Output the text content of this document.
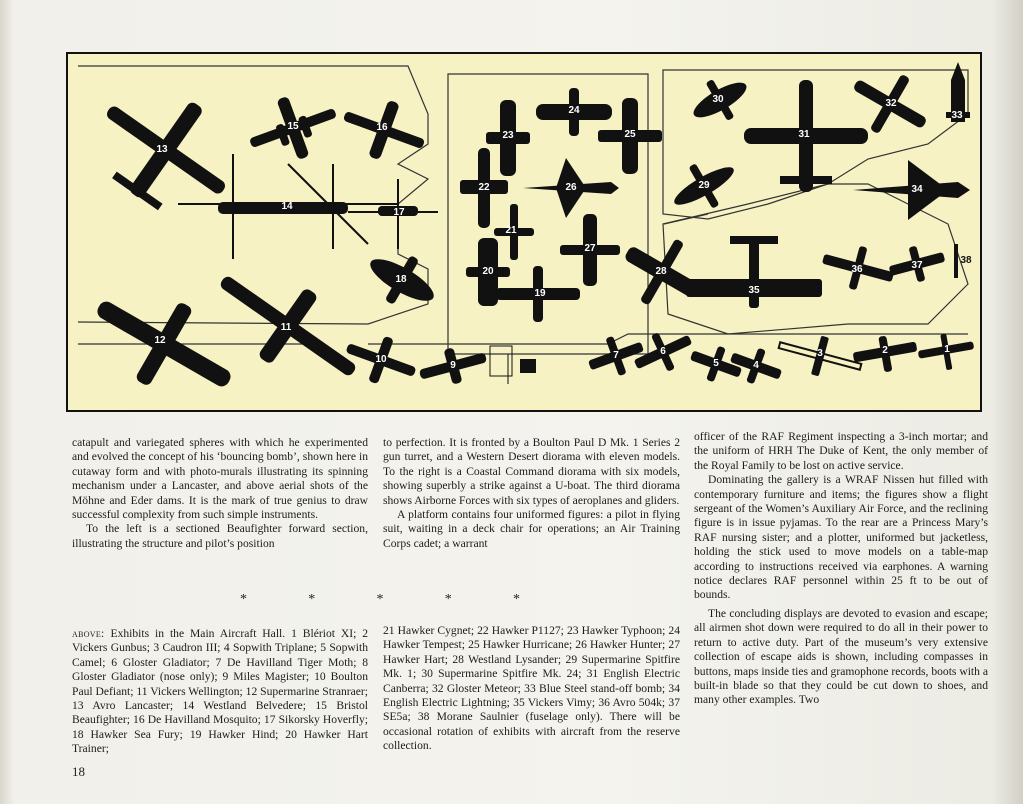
1
2
3
4
5
6
7
8
9
10
11
12
13
14
15	16
17
18
19
20
21
22
23
24
25
26
27
28
29
30
31
32
33
34
35
36	37	38

catapult and variegated spheres with which he experimented and evolved the concept of his ‘bouncing bomb’, shown here in cutaway form and with photo-murals illustrating its spinning mechanism under a Lancaster, and above aerial shots of the Möhne and Eder dams. It is the mark of true genius to draw successful complexity from such simple instruments.

To the left is a sectioned Beaufighter forward section, illustrating the structure and pilot’s position

to perfection. It is fronted by a Boulton Paul D Mk. 1 Series 2 gun turret, and a Western Desert diorama with eleven models. To the right is a Coastal Command diorama with six models, showing superbly a strike against a U-boat. The third diorama shows Airborne Forces with six types of aeroplanes and gliders.

A platform contains four uniformed figures: a pilot in flying suit, waiting in a deck chair for operations; an Air Training Corps cadet; a warrant

officer of the RAF Regiment inspecting a 3-inch mortar; and the uniform of HRH The Duke of Kent, the only member of the Royal Family to be lost on active service.

Dominating the gallery is a WRAF Nissen hut filled with contemporary furniture and items; the figures show a flight sergeant of the Women’s Auxiliary Air Force, and the reclining figure is in issue pyjamas. To the rear are a Princess Mary’s RAF nursing sister; and a plotter, uniformed but jacketless, holding the stick used to move models on a table-map according to instructions received via earphones. A warning notice declares RAF personnel within 25 ft to be out of bounds.

The concluding displays are devoted to evasion and escape; all airmen shot down were required to do all in their power to return to active duty. Part of the museum’s very extensive collection of escape aids is shown, including compasses in buttons, maps inside ties and gramophone records, boots with a built-in blade so that they could be cut down to shoes, and many other examples. Two

*	*	*	*	*
above: Exhibits in the Main Aircraft Hall. 1 Blériot XI; 2 Vickers Gunbus; 3 Caudron III; 4 Sopwith Triplane; 5 Sopwith Camel; 6 Gloster Gladiator; 7 De Havilland Tiger Moth; 8 Gloster Gladiator (nose only); 9 Miles Magister; 10 Boulton Paul Defiant; 11 Vickers Wellington; 12 Supermarine Stranraer; 13 Avro Lancaster; 14 Westland Belvedere; 15 Bristol Beaufighter; 16 De Havilland Mosquito; 17 Sikorsky Hoverfly; 18 Hawker Sea Fury; 19 Hawker Hind; 20 Hawker Hart Trainer;
21 Hawker Cygnet; 22 Hawker P1127; 23 Hawker Typhoon; 24 Hawker Tempest; 25 Hawker Hurricane; 26 Hawker Hunter; 27 Hawker Hart; 28 Westland Lysander; 29 Supermarine Spitfire Mk. 1; 30 Supermarine Spitfire Mk. 24; 31 English Electric Canberra; 32 Gloster Meteor; 33 Blue Steel stand-off bomb; 34 English Electric Lightning; 35 Vickers Vimy; 36 Avro 504k; 37 SE5a; 38 Morane Saulnier (fuselage only). There will be occasional rotation of exhibits with aircraft from the reserve collection.
18
